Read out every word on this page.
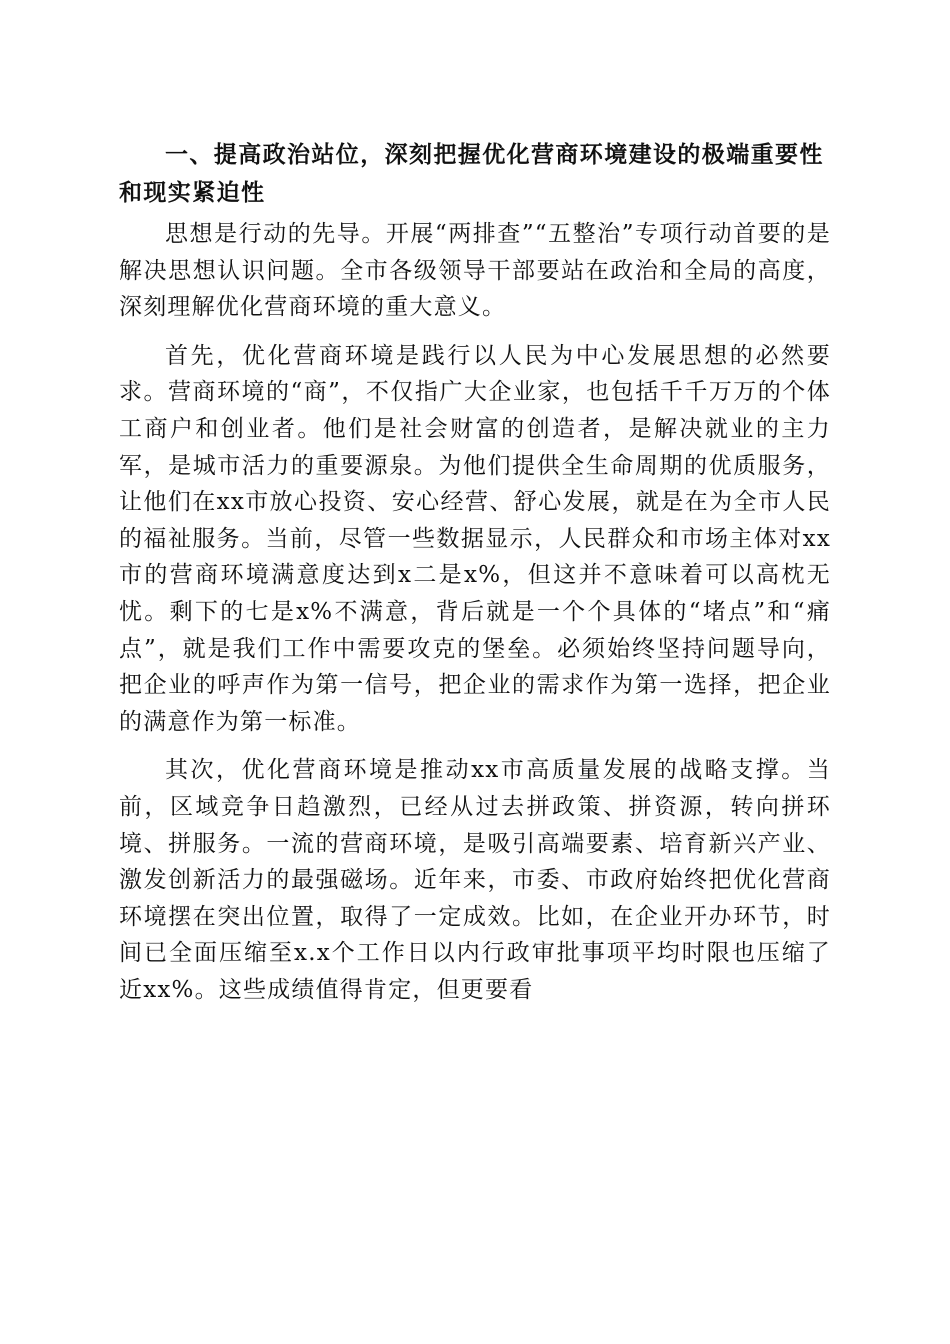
一、提高政治站位，深刻把握优化营商环境建设的极端重要性和现实紧迫性

思想是行动的先导。开展“两排查”“五整治”专项行动首要的是解决思想认识问题。全市各级领导干部要站在政治和全局的高度，深刻理解优化营商环境的重大意义。

首先，优化营商环境是践行以人民为中心发展思想的必然要求。营商环境的“商”，不仅指广大企业家，也包括千千万万的个体工商户和创业者。他们是社会财富的创造者，是解决就业的主力军，是城市活力的重要源泉。为他们提供全生命周期的优质服务，让他们在xx市放心投资、安心经营、舒心发展，就是在为全市人民的福祉服务。当前，尽管一些数据显示，人民群众和市场主体对xx市的营商环境满意度达到x二是x%，但这并不意味着可以高枕无忧。剩下的七是x%不满意，背后就是一个个具体的“堵点”和“痛点”，就是我们工作中需要攻克的堡垒。必须始终坚持问题导向，把企业的呼声作为第一信号，把企业的需求作为第一选择，把企业的满意作为第一标准。

其次，优化营商环境是推动xx市高质量发展的战略支撑。当前，区域竞争日趋激烈，已经从过去拼政策、拼资源，转向拼环境、拼服务。一流的营商环境，是吸引高端要素、培育新兴产业、激发创新活力的最强磁场。近年来，市委、市政府始终把优化营商环境摆在突出位置，取得了一定成效。比如，在企业开办环节，时间已全面压缩至x.x个工作日以内行政审批事项平均时限也压缩了近xx%。这些成绩值得肯定，但更要看
